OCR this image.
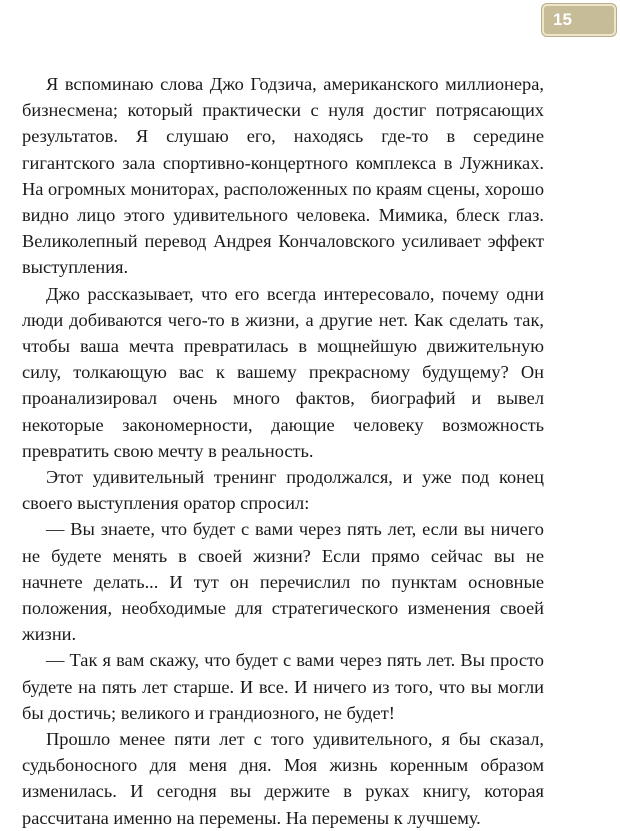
15

Я вспоминаю слова Джо Годзича, американского миллионера, бизнесмена; который практически с нуля достиг потрясающих результатов. Я слушаю его, находясь где-то в середине гигантского зала спортивно-концертного комплекса в Лужниках. На огромных мониторах, расположенных по краям сцены, хорошо видно лицо этого удивительного человека. Мимика, блеск глаз. Великолепный перевод Андрея Кончаловского усиливает эффект выступления.

Джо рассказывает, что его всегда интересовало, почему одни люди добиваются чего-то в жизни, а другие нет. Как сделать так, чтобы ваша мечта превратилась в мощнейшую движительную силу, толкающую вас к вашему прекрасному будущему? Он проанализировал очень много фактов, биографий и вывел некоторые закономерности, дающие человеку возможность превратить свою мечту в реальность.

Этот удивительный тренинг продолжался, и уже под конец своего выступления оратор спросил:

— Вы знаете, что будет с вами через пять лет, если вы ничего не будете менять в своей жизни? Если прямо сейчас вы не начнете делать... И тут он перечислил по пунктам основные положения, необходимые для стратегического изменения своей жизни.

— Так я вам скажу, что будет с вами через пять лет. Вы просто будете на пять лет старше. И все. И ничего из того, что вы могли бы достичь; великого и грандиозного, не будет!

Прошло менее пяти лет с того удивительного, я бы сказал, судьбоносного для меня дня. Моя жизнь коренным образом изменилась. И сегодня вы держите в руках книгу, которая рассчитана именно на перемены. На перемены к лучшему.
